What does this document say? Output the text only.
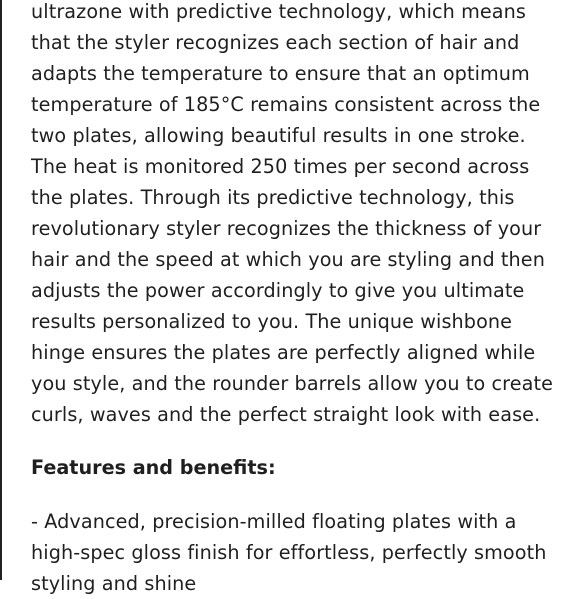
ultrazone with predictive technology, which means

that the styler recognizes each section of hair and

adapts the temperature to ensure that an optimum

temperature of 185°C remains consistent across the

two plates, allowing beautiful results in one stroke.

The heat is monitored 250 times per second across

the plates. Through its predictive technology, this

revolutionary styler recognizes the thickness of your

hair and the speed at which you are styling and then

adjusts the power accordingly to give you ultimate

results personalized to you. The unique wishbone

hinge ensures the plates are perfectly aligned while

you style, and the rounder barrels allow you to create

curls, waves and the perfect straight look with ease.

Features and benefits:

- Advanced, precision-milled floating plates with a

high-spec gloss finish for effortless, perfectly smooth

styling and shine
